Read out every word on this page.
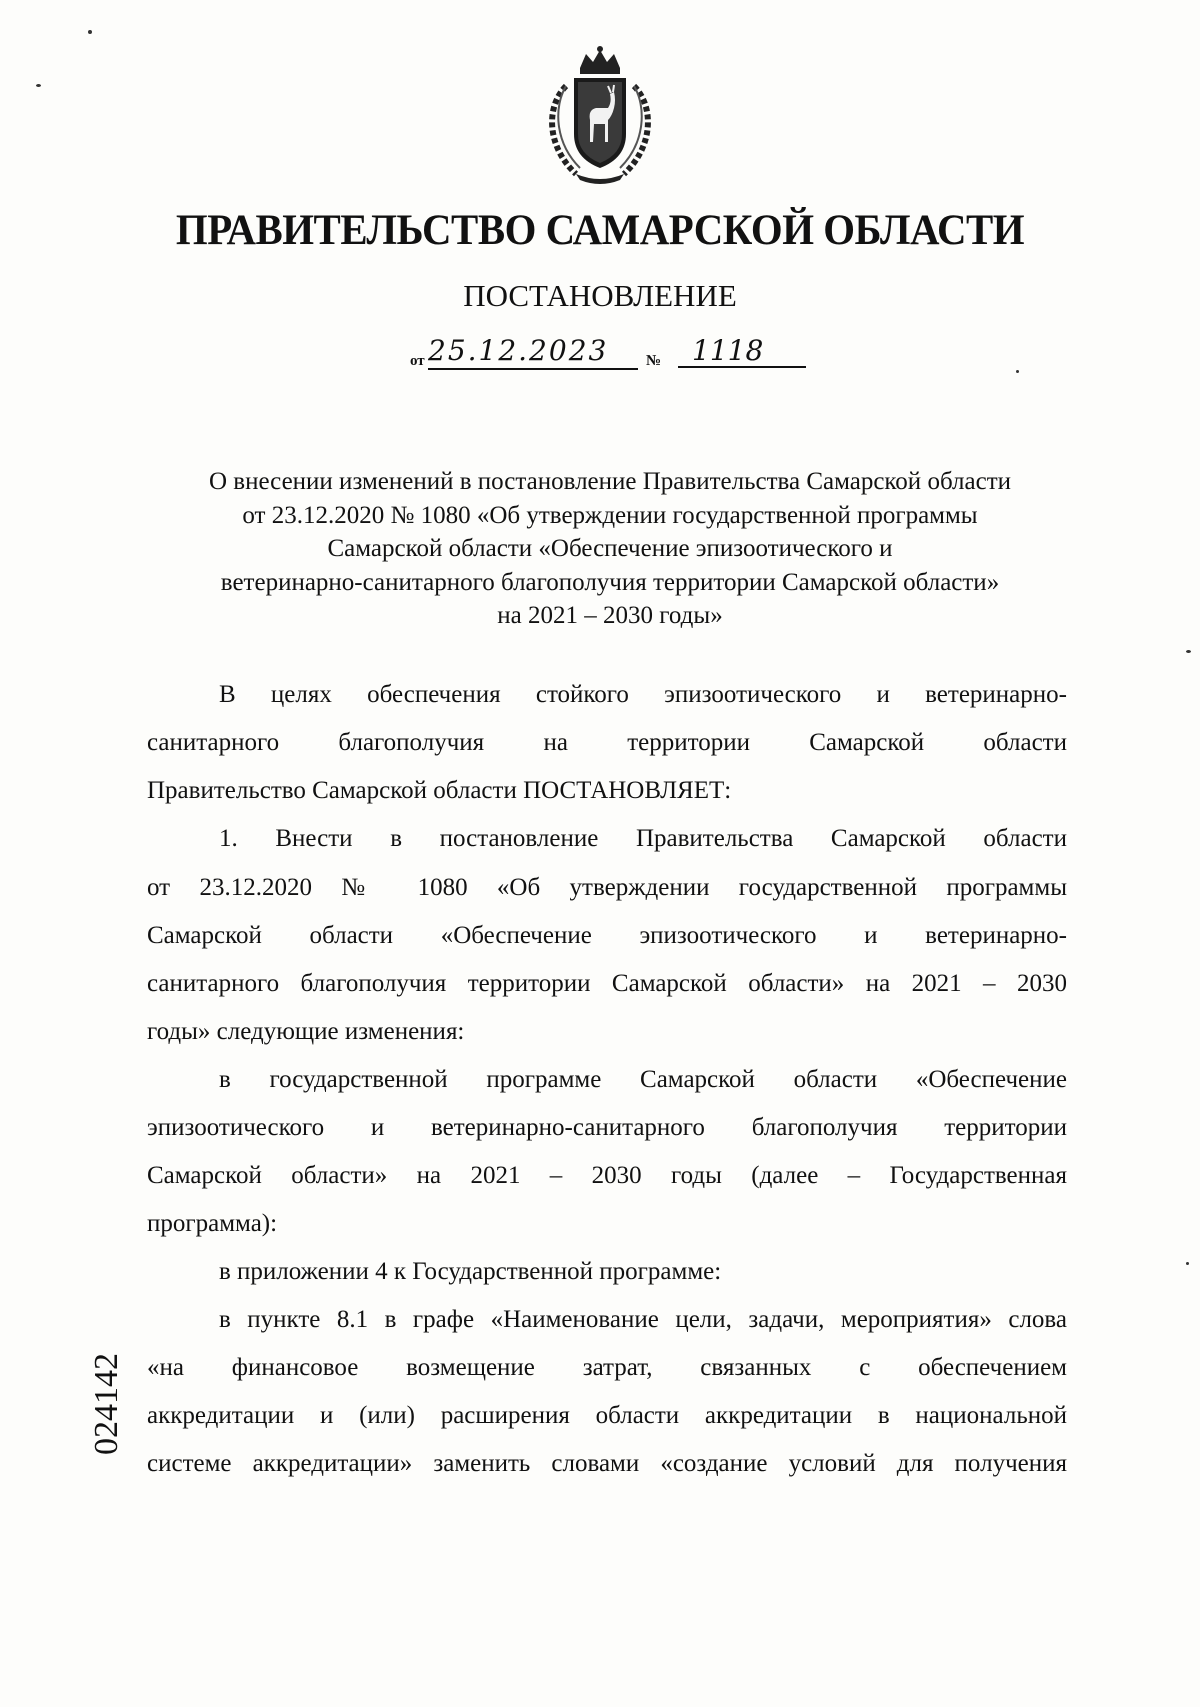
ПРАВИТЕЛЬСТВО САМАРСКОЙ ОБЛАСТИ
ПОСТАНОВЛЕНИЕ
от 25.12.2023	№	1118
О внесении изменений в постановление Правительства Самарской области
от 23.12.2020 № 1080 «Об утверждении государственной программы
Самарской области «Обеспечение эпизоотического и
ветеринарно-санитарного благополучия территории Самарской области»
на 2021 – 2030 годы»
В целях обеспечения стойкого эпизоотического и ветеринарно-
санитарного благополучия на территории Самарской области
Правительство Самарской области ПОСТАНОВЛЯЕТ:
1. Внести в постановление Правительства Самарской области
от 23.12.2020 № 1080 «Об утверждении государственной программы
Самарской области «Обеспечение эпизоотического и ветеринарно-
санитарного благополучия территории Самарской области» на 2021 – 2030
годы» следующие изменения:
в государственной программе Самарской области «Обеспечение
эпизоотического и ветеринарно-санитарного благополучия территории
Самарской области» на 2021 – 2030 годы (далее – Государственная
программа):
в приложении 4 к Государственной программе:
в пункте 8.1 в графе «Наименование цели, задачи, мероприятия» слова
«на финансовое возмещение затрат, связанных с обеспечением
аккредитации и (или) расширения области аккредитации в национальной
системе аккредитации» заменить словами «создание условий для получения
024142
